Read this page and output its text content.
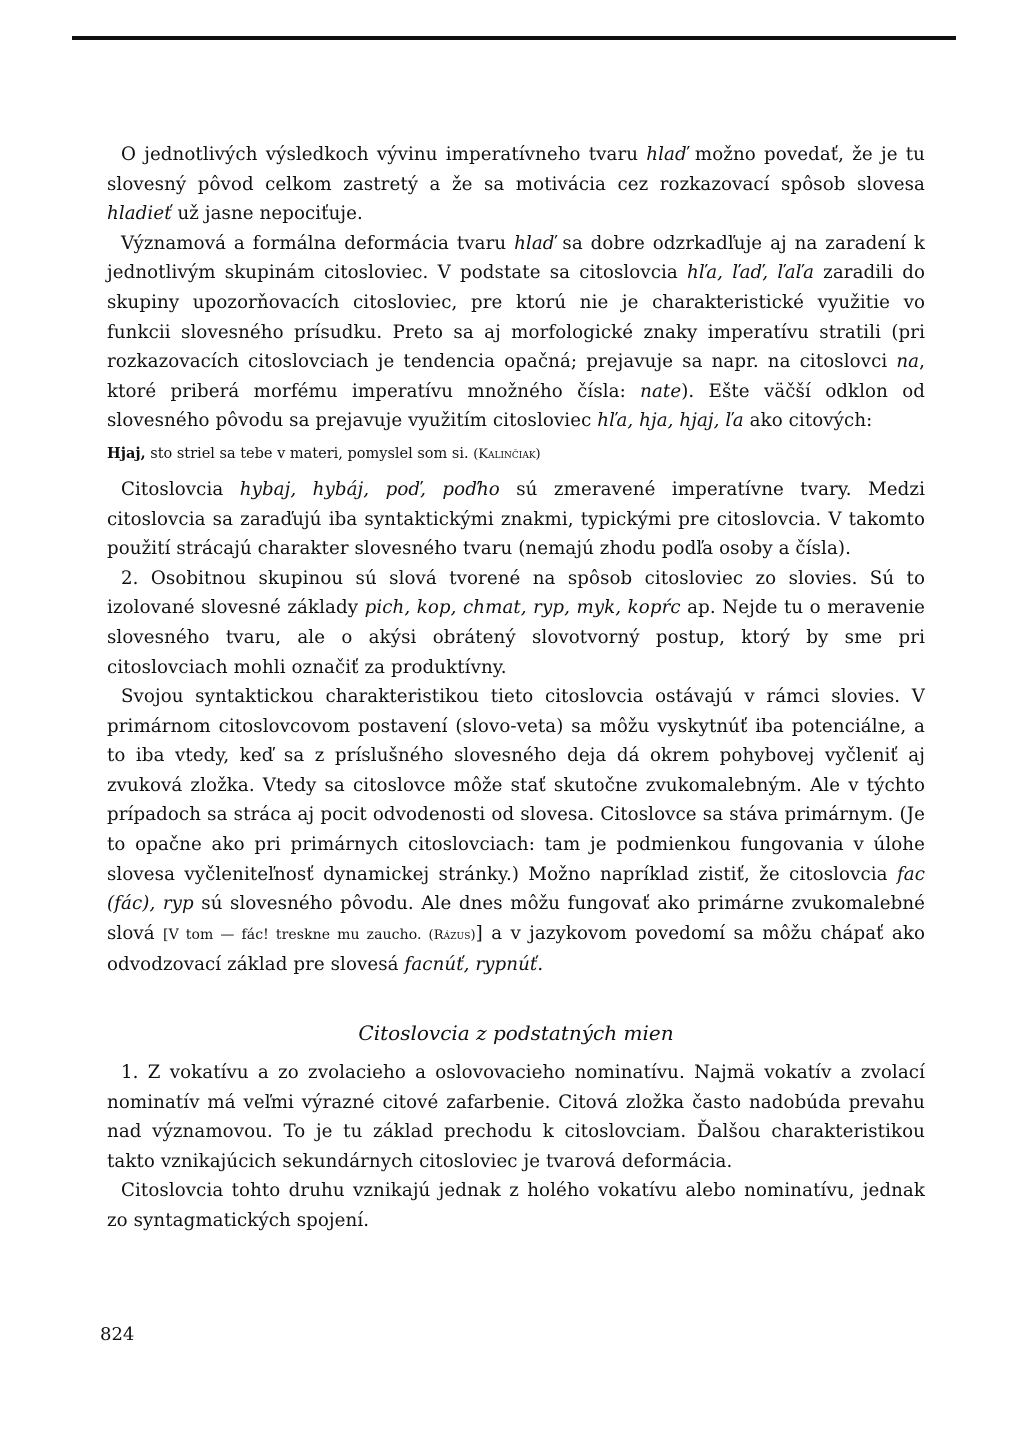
O jednotlivých výsledkoch vývinu imperatívneho tvaru hlaď možno povedať, že je tu slovesný pôvod celkom zastretý a že sa motivácia cez rozkazovací spôsob slovesa hladieť už jasne nepociťuje.

Významová a formálna deformácia tvaru hlaď sa dobre odzrkadľuje aj na zaradení k jednotlivým skupinám citosloviec. V podstate sa citoslovcia hľa, ľaď, ľaľa zaradili do skupiny upozorňovacích citosloviec, pre ktorú nie je charakteristické využitie vo funkcii slovesného prísudku. Preto sa aj morfologické znaky imperatívu stratili (pri rozkazovacích citoslovciach je tendencia opačná; prejavuje sa napr. na citoslovci na, ktoré priberá morfému imperatívu množného čísla: nate). Ešte väčší odklon od slovesného pôvodu sa prejavuje využitím citosloviec hľa, hja, hjaj, ľa ako citových:

Hjaj, sto striel sa tebe v materi, pomyslel som si. (Kalinčiak)

Citoslovcia hybaj, hybáj, poď, poďho sú zmeravené imperatívne tvary. Medzi citoslovcia sa zaraďujú iba syntaktickými znakmi, typickými pre citoslovcia. V takomto použití strácajú charakter slovesného tvaru (nemajú zhodu podľa osoby a čísla).

2. Osobitnou skupinou sú slová tvorené na spôsob citosloviec zo slovies. Sú to izolované slovesné základy pich, kop, chmat, ryp, myk, kopŕc ap. Nejde tu o meravenie slovesného tvaru, ale o akýsi obrátený slovotvorný postup, ktorý by sme pri citoslovciach mohli označiť za produktívny.

Svojou syntaktickou charakteristikou tieto citoslovcia ostávajú v rámci slovies. V primárnom citoslovcovom postavení (slovo-veta) sa môžu vyskytnúť iba potenciálne, a to iba vtedy, keď sa z príslušného slovesného deja dá okrem pohybovej vyčleniť aj zvuková zložka. Vtedy sa citoslovce môže stať skutočne zvukomalebným. Ale v týchto prípadoch sa stráca aj pocit odvodenosti od slovesa. Citoslovce sa stáva primárnym. (Je to opačne ako pri primárnych citoslovciach: tam je podmienkou fungovania v úlohe slovesa vyčleniteľnosť dynamickej stránky.) Možno napríklad zistiť, že citoslovcia fac (fác), ryp sú slovesného pôvodu. Ale dnes môžu fungovať ako primárne zvukomalebné slová [V tom — fác! treskne mu zaucho. (Rázus)] a v jazykovom povedomí sa môžu chápať ako odvodzovací základ pre slovesá facnúť, rypnúť.

Citoslovcia z podstatných mien

1. Z vokatívu a zo zvolacieho a oslovovacieho nominatívu. Najmä vokatív a zvolací nominatív má veľmi výrazné citové zafarbenie. Citová zložka často nadobúda prevahu nad významovou. To je tu základ prechodu k citoslovciam. Ďalšou charakteristikou takto vznikajúcich sekundárnych citosloviec je tvarová deformácia.

Citoslovcia tohto druhu vznikajú jednak z holého vokatívu alebo nominatívu, jednak zo syntagmatických spojení.

824
